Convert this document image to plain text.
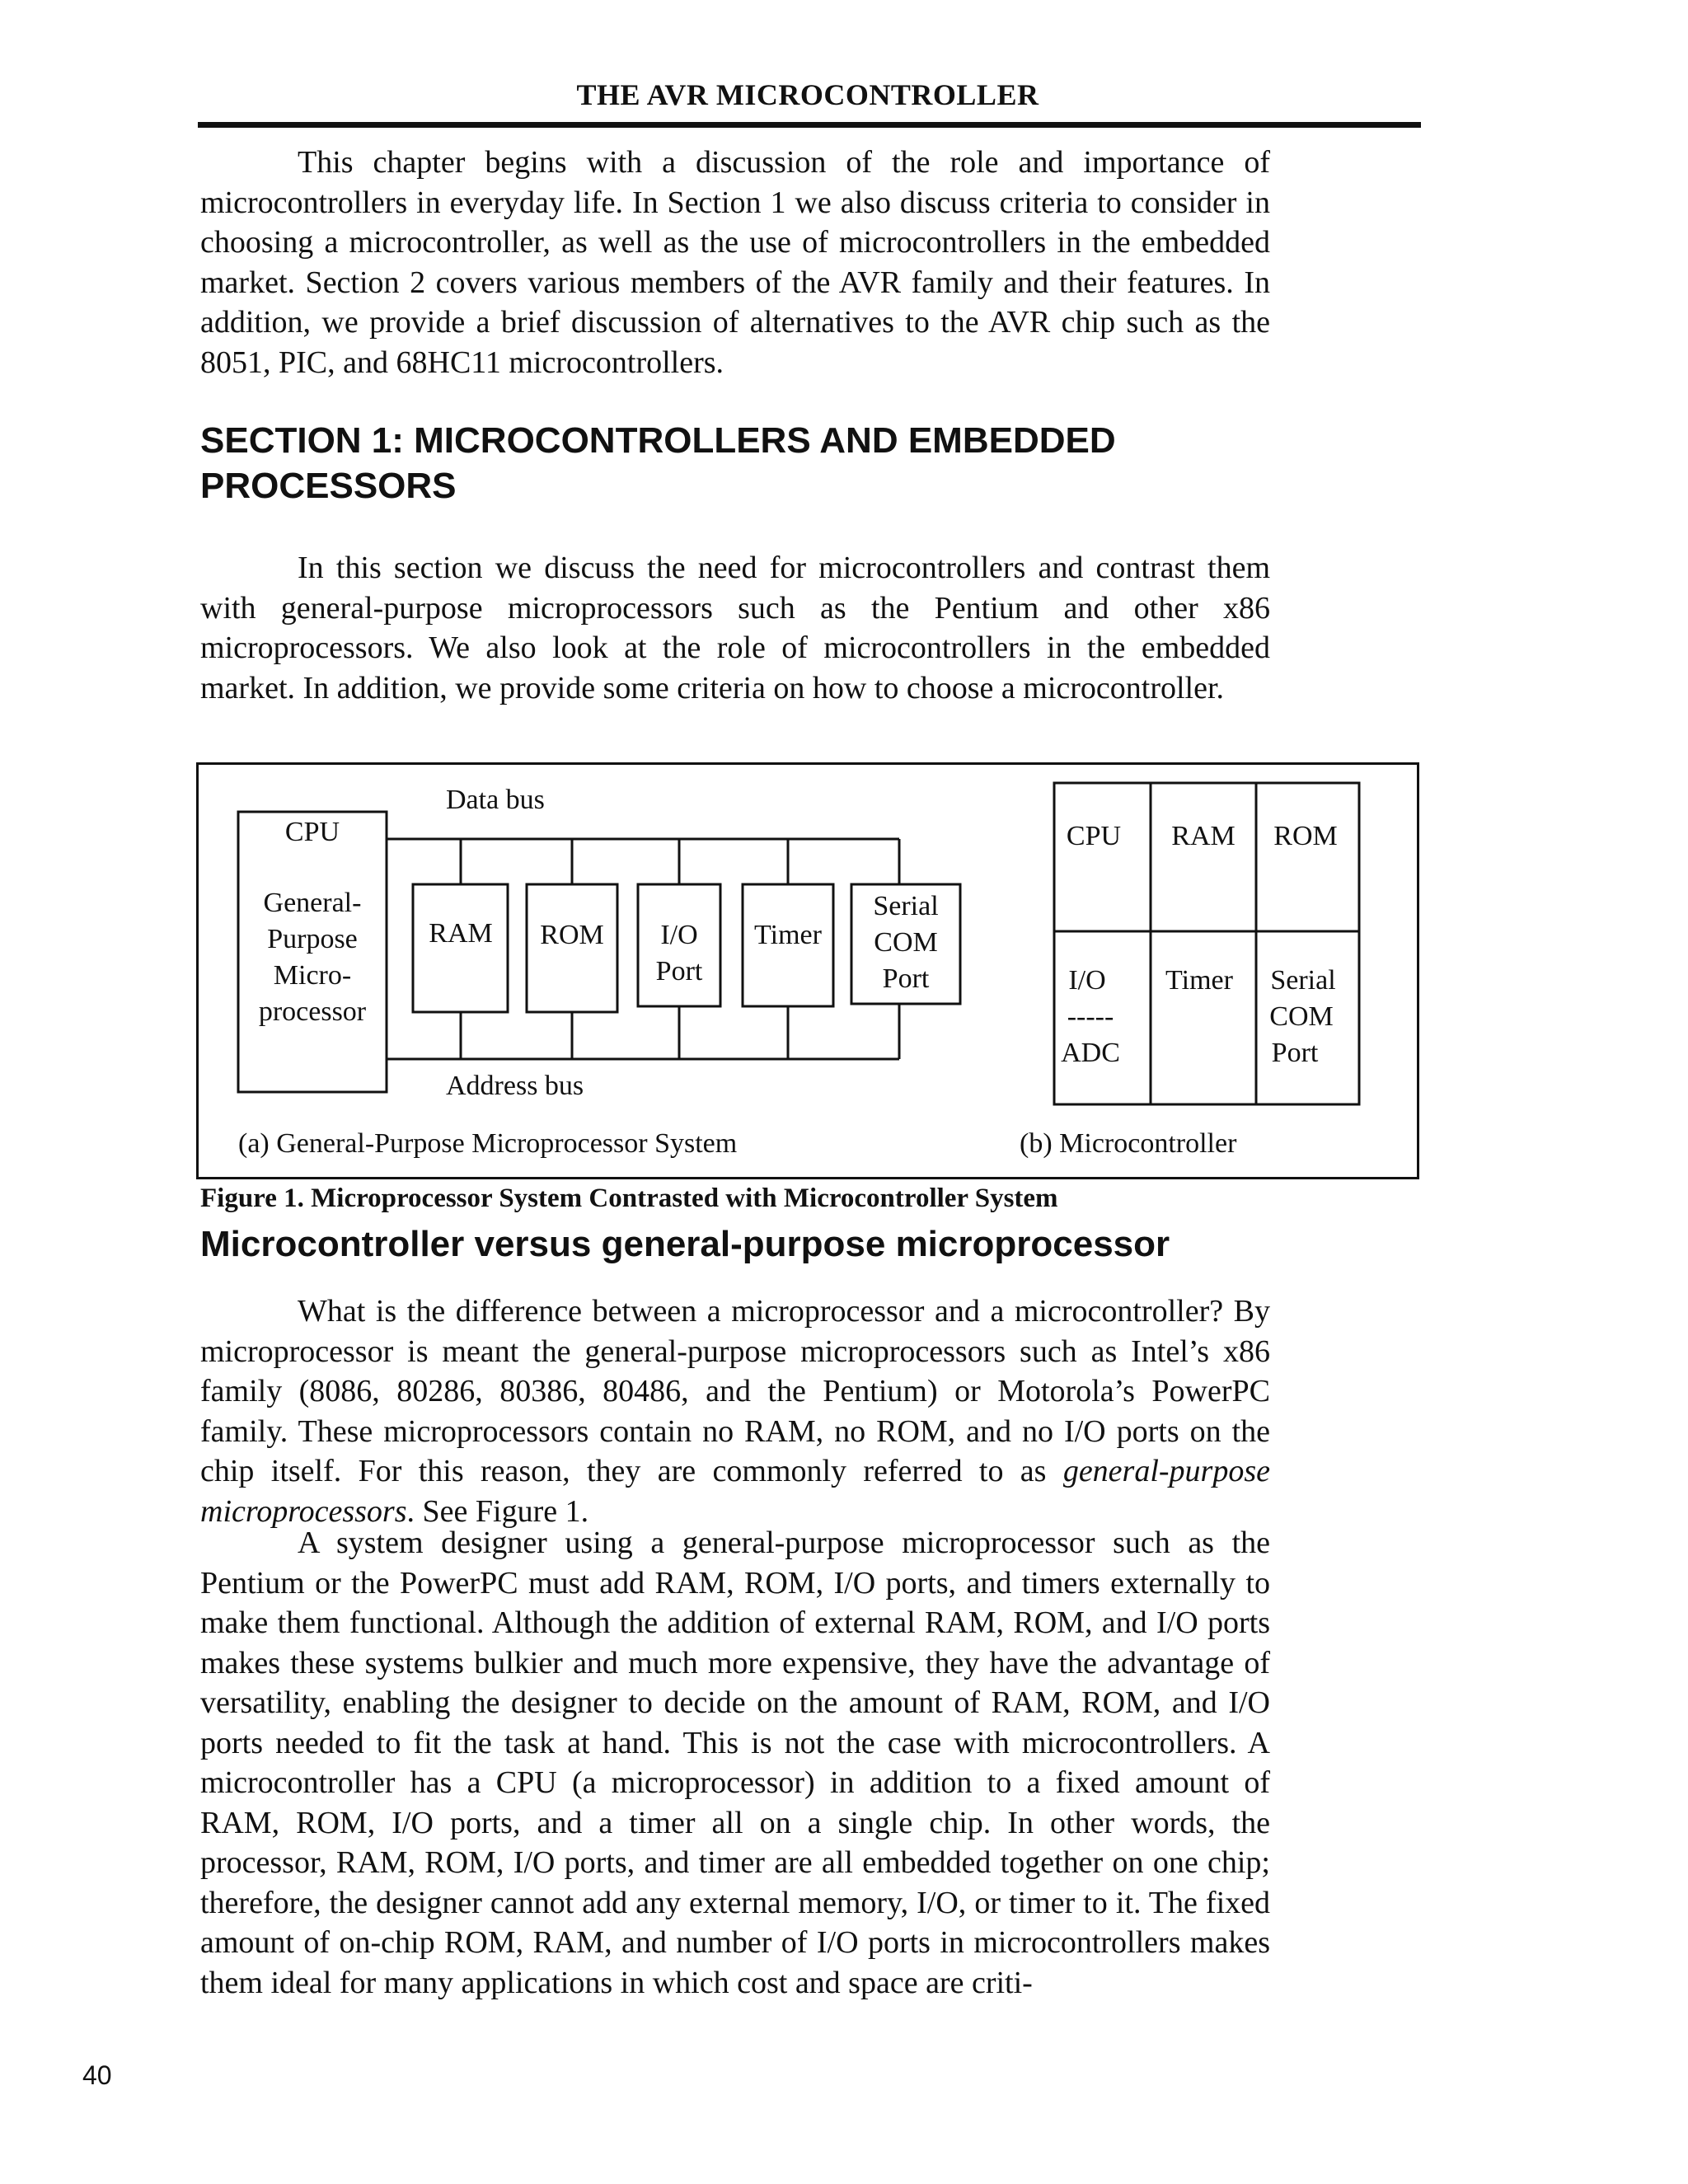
THE AVR MICROCONTROLLER

This chapter begins with a discussion of the role and importance of microcontrollers in everyday life. In Section 1 we also discuss criteria to consider in choosing a microcontroller, as well as the use of microcontrollers in the embedded market. Section 2 covers various members of the AVR family and their features. In addition, we provide a brief discussion of alternatives to the AVR chip such as the 8051, PIC, and 68HC11 microcontrollers.

SECTION 1: MICROCONTROLLERS AND EMBEDDED PROCESSORS

In this section we discuss the need for microcontrollers and contrast them with general-purpose microprocessors such as the Pentium and other x86 microprocessors. We also look at the role of microcontrollers in the embedded market. In addition, we provide some criteria on how to choose a microcontroller.

Data bus
Address bus
CPU
General-
Purpose
Micro-
processor
RAM ROM I/O
Port
Timer
Serial
COM
Port
(a) General-Purpose Microprocessor System
CPU RAM ROM
I/O
-----
ADC
Timer Serial
COM
Port
(b) Microcontroller

Figure 1. Microprocessor System Contrasted with Microcontroller System

Microcontroller versus general-purpose microprocessor

What is the difference between a microprocessor and a microcontroller? By microprocessor is meant the general-purpose microprocessors such as Intel’s x86 family (8086, 80286, 80386, 80486, and the Pentium) or Motorola’s PowerPC family. These microprocessors contain no RAM, no ROM, and no I/O ports on the chip itself. For this reason, they are commonly referred to as general-purpose microprocessors. See Figure 1.

A system designer using a general-purpose microprocessor such as the Pentium or the PowerPC must add RAM, ROM, I/O ports, and timers externally to make them functional. Although the addition of external RAM, ROM, and I/O ports makes these systems bulkier and much more expensive, they have the advantage of versatility, enabling the designer to decide on the amount of RAM, ROM, and I/O ports needed to fit the task at hand. This is not the case with microcontrollers. A microcontroller has a CPU (a microprocessor) in addition to a fixed amount of RAM, ROM, I/O ports, and a timer all on a single chip. In other words, the processor, RAM, ROM, I/O ports, and timer are all embedded together on one chip; therefore, the designer cannot add any external memory, I/O, or timer to it. The fixed amount of on-chip ROM, RAM, and number of I/O ports in microcontrollers makes them ideal for many applications in which cost and space are criti-

40
